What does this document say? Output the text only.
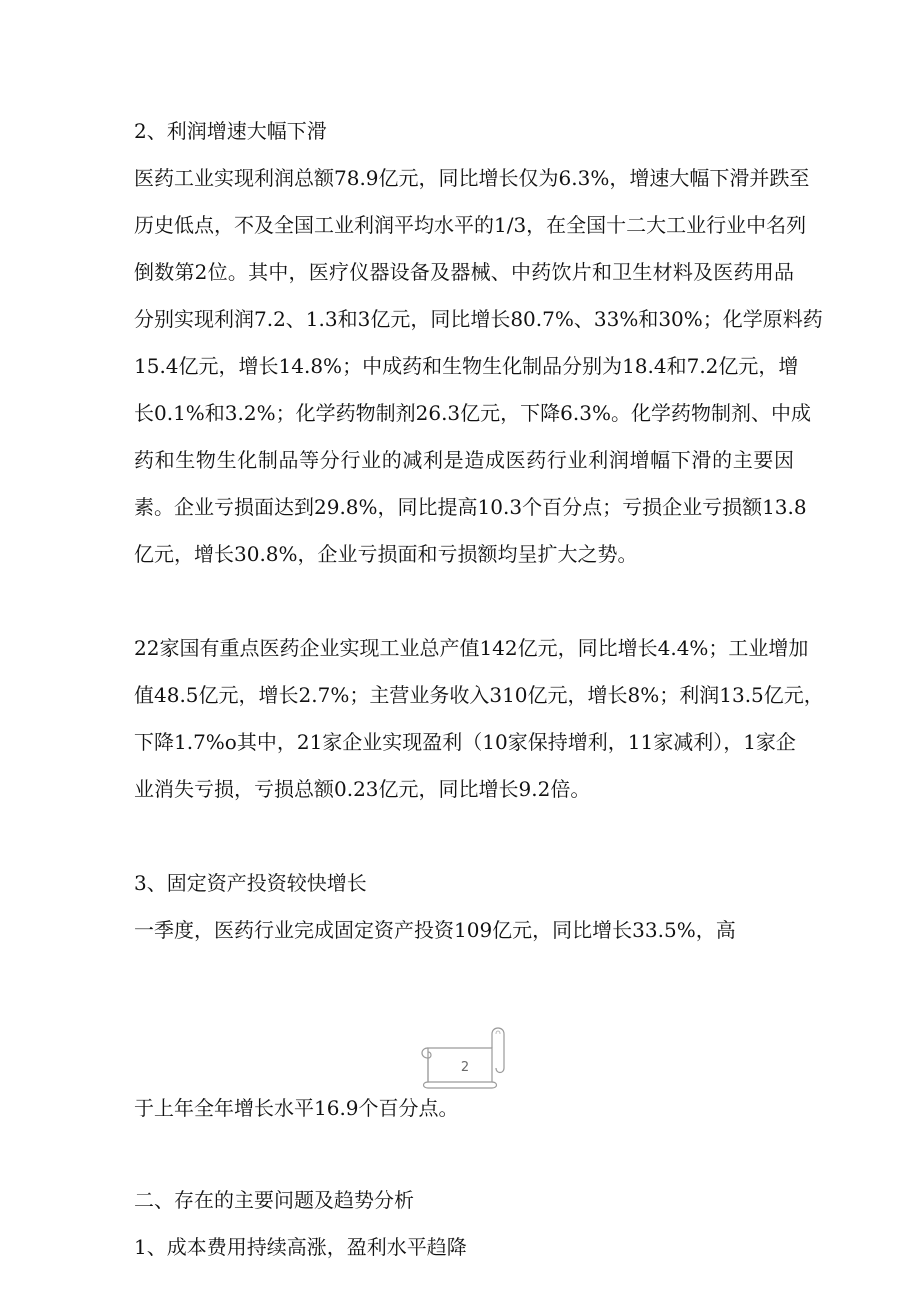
2、利润增速大幅下滑
医药工业实现利润总额78.9亿元，同比增长仅为6.3%，增速大幅下滑并跌至
历史低点，不及全国工业利润平均水平的1/3，在全国十二大工业行业中名列
倒数第2位。其中，医疗仪器设备及器械、中药饮片和卫生材料及医药用品
分别实现利润7.2、1.3和3亿元，同比增长80.7%、33%和30%；化学原料药
15.4亿元，增长14.8%；中成药和生物生化制品分别为18.4和7.2亿元，增
长0.1%和3.2%；化学药物制剂26.3亿元，下降6.3%。化学药物制剂、中成
药和生物生化制品等分行业的减利是造成医药行业利润增幅下滑的主要因
素。企业亏损面达到29.8%，同比提高10.3个百分点；亏损企业亏损额13.8
亿元，增长30.8%，企业亏损面和亏损额均呈扩大之势。
22家国有重点医药企业实现工业总产值142亿元，同比增长4.4%；工业增加
值48.5亿元，增长2.7%；主营业务收入310亿元，增长8%；利润13.5亿元，
下降1.7%o其中，21家企业实现盈利（10家保持增利，11家减利），1家企
业消失亏损，亏损总额0.23亿元，同比增长9.2倍。
3、固定资产投资较快增长
一季度，医药行业完成固定资产投资109亿元，同比增长33.5%，高
2
于上年全年增长水平16.9个百分点。
二、存在的主要问题及趋势分析
1、成本费用持续高涨，盈利水平趋降
